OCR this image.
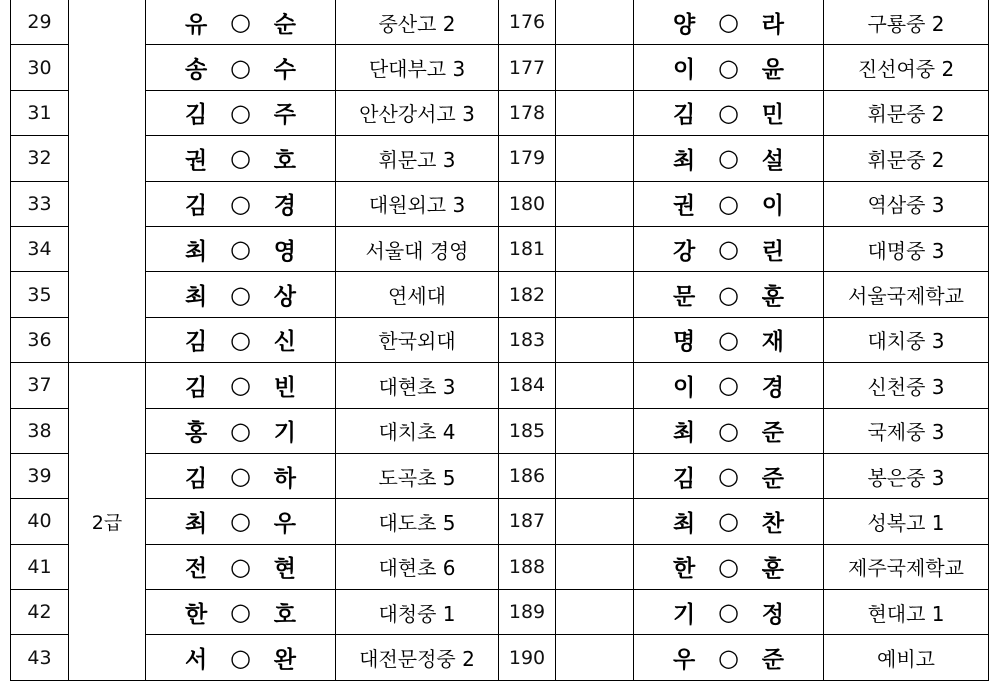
29		유 ○ 순	중산고 2	176		양 ○ 라	구룡중 2
30		송 ○ 수	단대부고 3	177		이 ○ 윤	진선여중 2
31		김 ○ 주	안산강서고 3	178		김 ○ 민	휘문중 2
32		권 ○ 호	휘문고 3	179		최 ○ 설	휘문중 2
33		김 ○ 경	대원외고 3	180		권 ○ 이	역삼중 3
34		최 ○ 영	서울대 경영	181		강 ○ 린	대명중 3
35		최 ○ 상	연세대	182		문 ○ 훈	서울국제학교
36		김 ○ 신	한국외대	183		명 ○ 재	대치중 3
37	2급	김 ○ 빈	대현초 3	184		이 ○ 경	신천중 3
38		홍 ○ 기	대치초 4	185		최 ○ 준	국제중 3
39		김 ○ 하	도곡초 5	186		김 ○ 준	봉은중 3
40		최 ○ 우	대도초 5	187		최 ○ 찬	성복고 1
41		전 ○ 현	대현초 6	188		한 ○ 훈	제주국제학교
42		한 ○ 호	대청중 1	189		기 ○ 정	현대고 1
43		서 ○ 완	대전문정중 2	190		우 ○ 준	예비고
